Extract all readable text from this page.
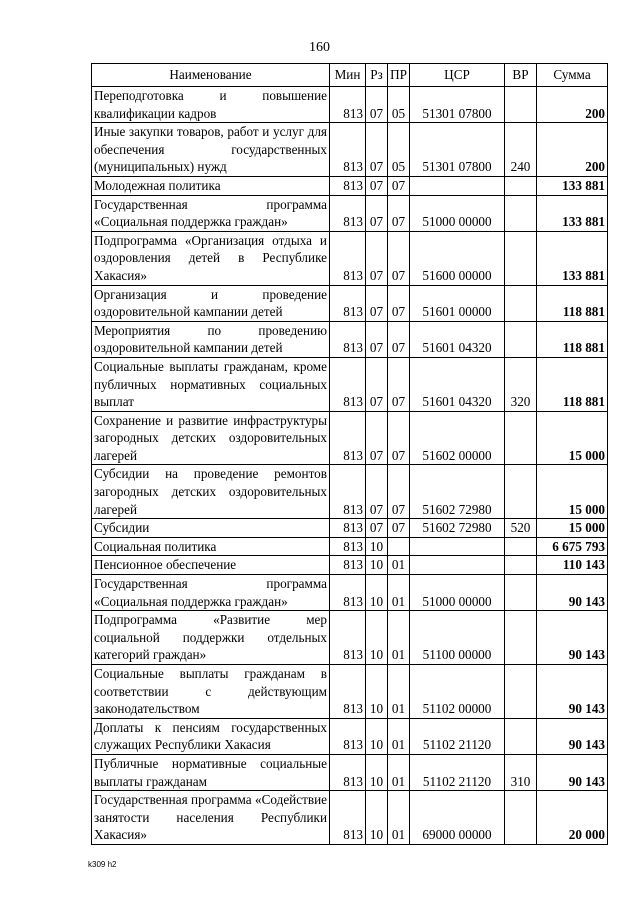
160
Наименование	Мин	Рз	ПР	ЦСР	ВР	Сумма
Переподготовка и повышение квалификации кадров	813	07	05	51301 07800		200
Иные закупки товаров, работ и услуг для обеспечения государственных (муниципальных) нужд	813	07	05	51301 07800	240	200
Молодежная политика	813	07	07			133 881
Государственная программа «Социальная поддержка граждан»	813	07	07	51000 00000		133 881
Подпрограмма «Организация отдыха и оздоровления детей в Республике Хакасия»	813	07	07	51600 00000		133 881
Организация и проведение оздоровительной кампании детей	813	07	07	51601 00000		118 881
Мероприятия по проведению оздоровительной кампании детей	813	07	07	51601 04320		118 881
Социальные выплаты гражданам, кроме публичных нормативных социальных выплат	813	07	07	51601 04320	320	118 881
Сохранение и развитие инфраструктуры загородных детских оздоровительных лагерей	813	07	07	51602 00000		15 000
Субсидии на проведение ремонтов загородных детских оздоровительных лагерей	813	07	07	51602 72980		15 000
Субсидии	813	07	07	51602 72980	520	15 000
Социальная политика	813	10				6 675 793
Пенсионное обеспечение	813	10	01			110 143
Государственная программа «Социальная поддержка граждан»	813	10	01	51000 00000		90 143
Подпрограмма «Развитие мер социальной поддержки отдельных категорий граждан»	813	10	01	51100 00000		90 143
Социальные выплаты гражданам в соответствии с действующим законодательством	813	10	01	51102 00000		90 143
Доплаты к пенсиям государственных служащих Республики Хакасия	813	10	01	51102 21120		90 143
Публичные нормативные социальные выплаты гражданам	813	10	01	51102 21120	310	90 143
Государственная программа «Содействие занятости населения Республики Хакасия»	813	10	01	69000 00000		20 000
k309 h2
